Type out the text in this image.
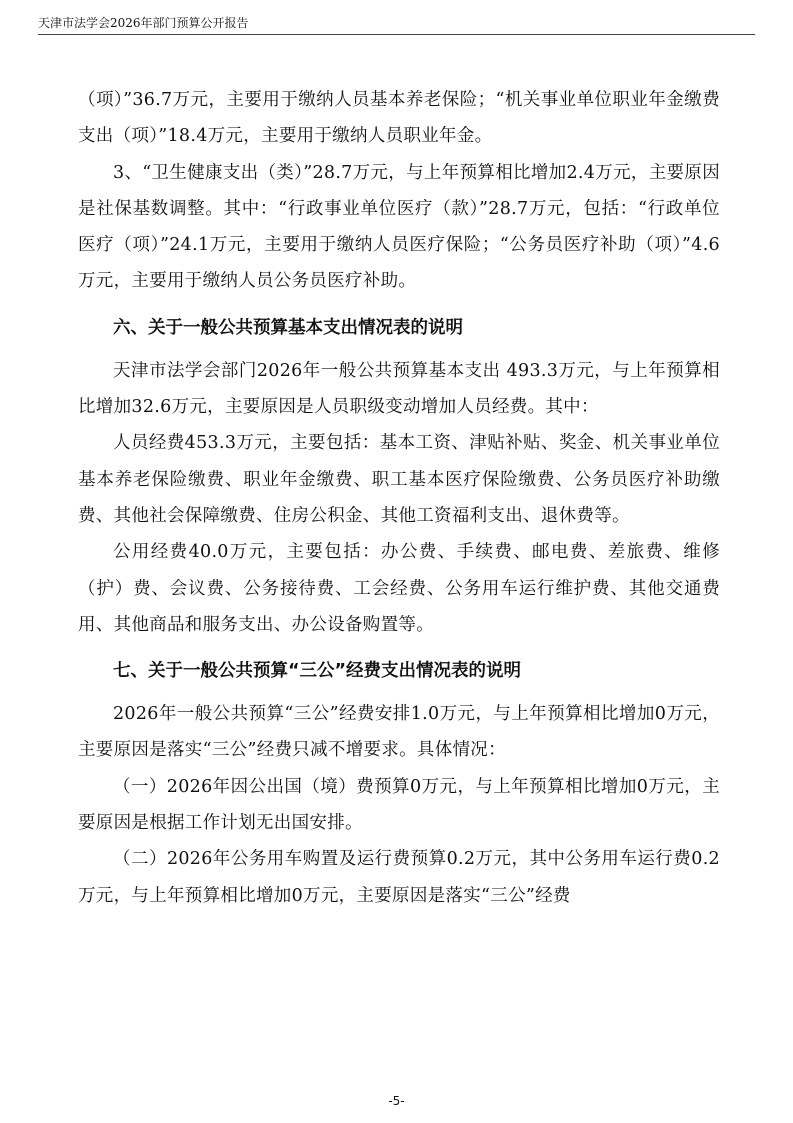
天津市法学会2026年部门预算公开报告

（项）”36.7万元，主要用于缴纳人员基本养老保险；“机关事业单位职业年金缴费支出（项）”18.4万元，主要用于缴纳人员职业年金。

3、“卫生健康支出（类）”28.7万元，与上年预算相比增加2.4万元，主要原因是社保基数调整。其中：“行政事业单位医疗（款）”28.7万元，包括：“行政单位医疗（项）”24.1万元，主要用于缴纳人员医疗保险；“公务员医疗补助（项）”4.6万元，主要用于缴纳人员公务员医疗补助。

六、关于一般公共预算基本支出情况表的说明

天津市法学会部门2026年一般公共预算基本支出 493.3万元，与上年预算相比增加32.6万元，主要原因是人员职级变动增加人员经费。其中：

人员经费453.3万元，主要包括：基本工资、津贴补贴、奖金、机关事业单位基本养老保险缴费、职业年金缴费、职工基本医疗保险缴费、公务员医疗补助缴费、其他社会保障缴费、住房公积金、其他工资福利支出、退休费等。

公用经费40.0万元，主要包括：办公费、手续费、邮电费、差旅费、维修（护）费、会议费、公务接待费、工会经费、公务用车运行维护费、其他交通费用、其他商品和服务支出、办公设备购置等。

七、关于一般公共预算“三公”经费支出情况表的说明

2026年一般公共预算“三公”经费安排1.0万元，与上年预算相比增加0万元，主要原因是落实“三公”经费只减不增要求。具体情况：

（一）2026年因公出国（境）费预算0万元，与上年预算相比增加0万元，主要原因是根据工作计划无出国安排。

（二）2026年公务用车购置及运行费预算0.2万元，其中公务用车运行费0.2万元，与上年预算相比增加0万元，主要原因是落实“三公”经费

-5-
